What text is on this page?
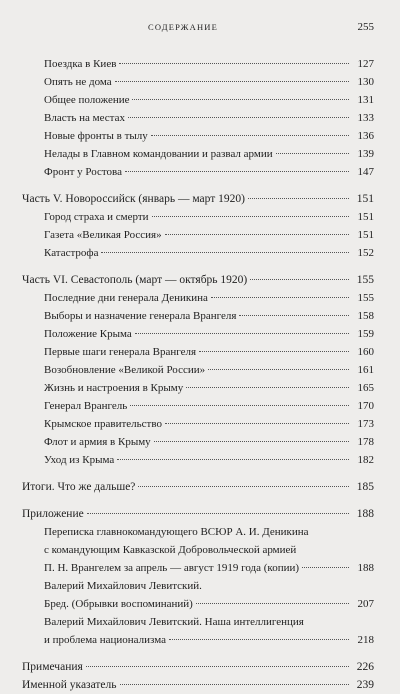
СОДЕРЖАНИЕ	255
Поездка в Киев	127
Опять не дома	130
Общее положение	131
Власть на местах	133
Новые фронты в тылу	136
Нелады в Главном командовании и развал армии	139
Фронт у Ростова	147
Часть V. Новороссийск (январь — март 1920)	151
Город страха и смерти	151
Газета «Великая Россия»	151
Катастрофа	152
Часть VI. Севастополь (март — октябрь 1920)	155
Последние дни генерала Деникина	155
Выборы и назначение генерала Врангеля	158
Положение Крыма	159
Первые шаги генерала Врангеля	160
Возобновление «Великой России»	161
Жизнь и настроения в Крыму	165
Генерал Врангель	170
Крымское правительство	173
Флот и армия в Крыму	178
Уход из Крыма	182
Итоги. Что же дальше?	185
Приложение	188
Переписка главнокомандующего ВСЮР А. И. Деникина
с командующим Кавказской Добровольческой армией
П. Н. Врангелем за апрель — август 1919 года (копии)	188
Валерий Михайлович Левитский.
Бред. (Обрывки воспоминаний)	207
Валерий Михайлович Левитский. Наша интеллигенция
и проблема национализма	218
Примечания	226
Именной указатель	239
